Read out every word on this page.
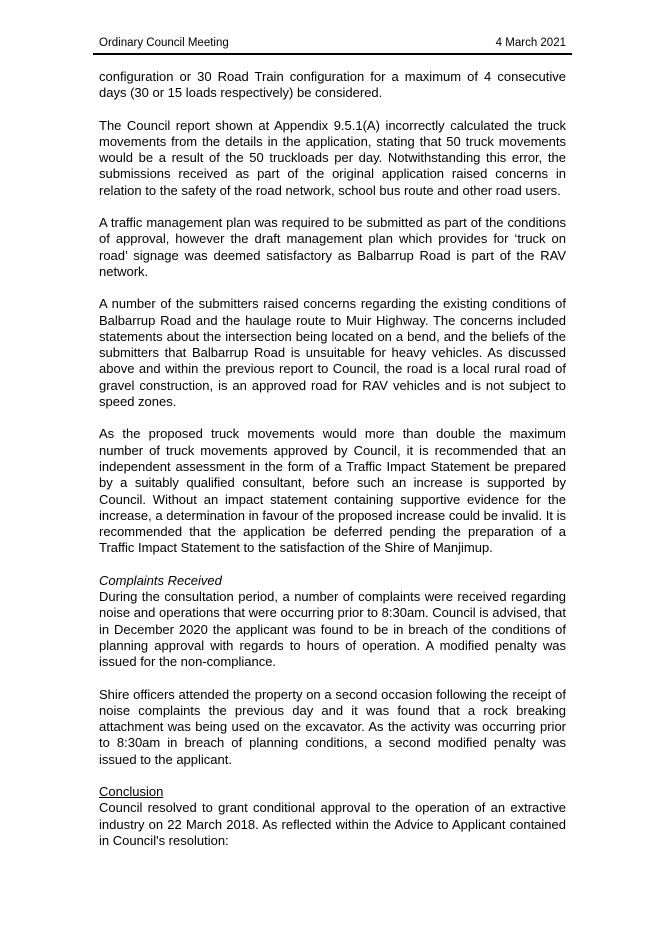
Ordinary Council Meeting	4 March 2021

configuration or 30 Road Train configuration for a maximum of 4 consecutive days (30 or 15 loads respectively) be considered.

The Council report shown at Appendix 9.5.1(A) incorrectly calculated the truck movements from the details in the application, stating that 50 truck movements would be a result of the 50 truckloads per day. Notwithstanding this error, the submissions received as part of the original application raised concerns in relation to the safety of the road network, school bus route and other road users.

A traffic management plan was required to be submitted as part of the conditions of approval, however the draft management plan which provides for ‘truck on road’ signage was deemed satisfactory as Balbarrup Road is part of the RAV network.

A number of the submitters raised concerns regarding the existing conditions of Balbarrup Road and the haulage route to Muir Highway. The concerns included statements about the intersection being located on a bend, and the beliefs of the submitters that Balbarrup Road is unsuitable for heavy vehicles. As discussed above and within the previous report to Council, the road is a local rural road of gravel construction, is an approved road for RAV vehicles and is not subject to speed zones.

As the proposed truck movements would more than double the maximum number of truck movements approved by Council, it is recommended that an independent assessment in the form of a Traffic Impact Statement be prepared by a suitably qualified consultant, before such an increase is supported by Council. Without an impact statement containing supportive evidence for the increase, a determination in favour of the proposed increase could be invalid. It is recommended that the application be deferred pending the preparation of a Traffic Impact Statement to the satisfaction of the Shire of Manjimup.

Complaints Received

During the consultation period, a number of complaints were received regarding noise and operations that were occurring prior to 8:30am. Council is advised, that in December 2020 the applicant was found to be in breach of the conditions of planning approval with regards to hours of operation. A modified penalty was issued for the non-compliance.

Shire officers attended the property on a second occasion following the receipt of noise complaints the previous day and it was found that a rock breaking attachment was being used on the excavator. As the activity was occurring prior to 8:30am in breach of planning conditions, a second modified penalty was issued to the applicant.

Conclusion

Council resolved to grant conditional approval to the operation of an extractive industry on 22 March 2018. As reflected within the Advice to Applicant contained in Council's resolution:
